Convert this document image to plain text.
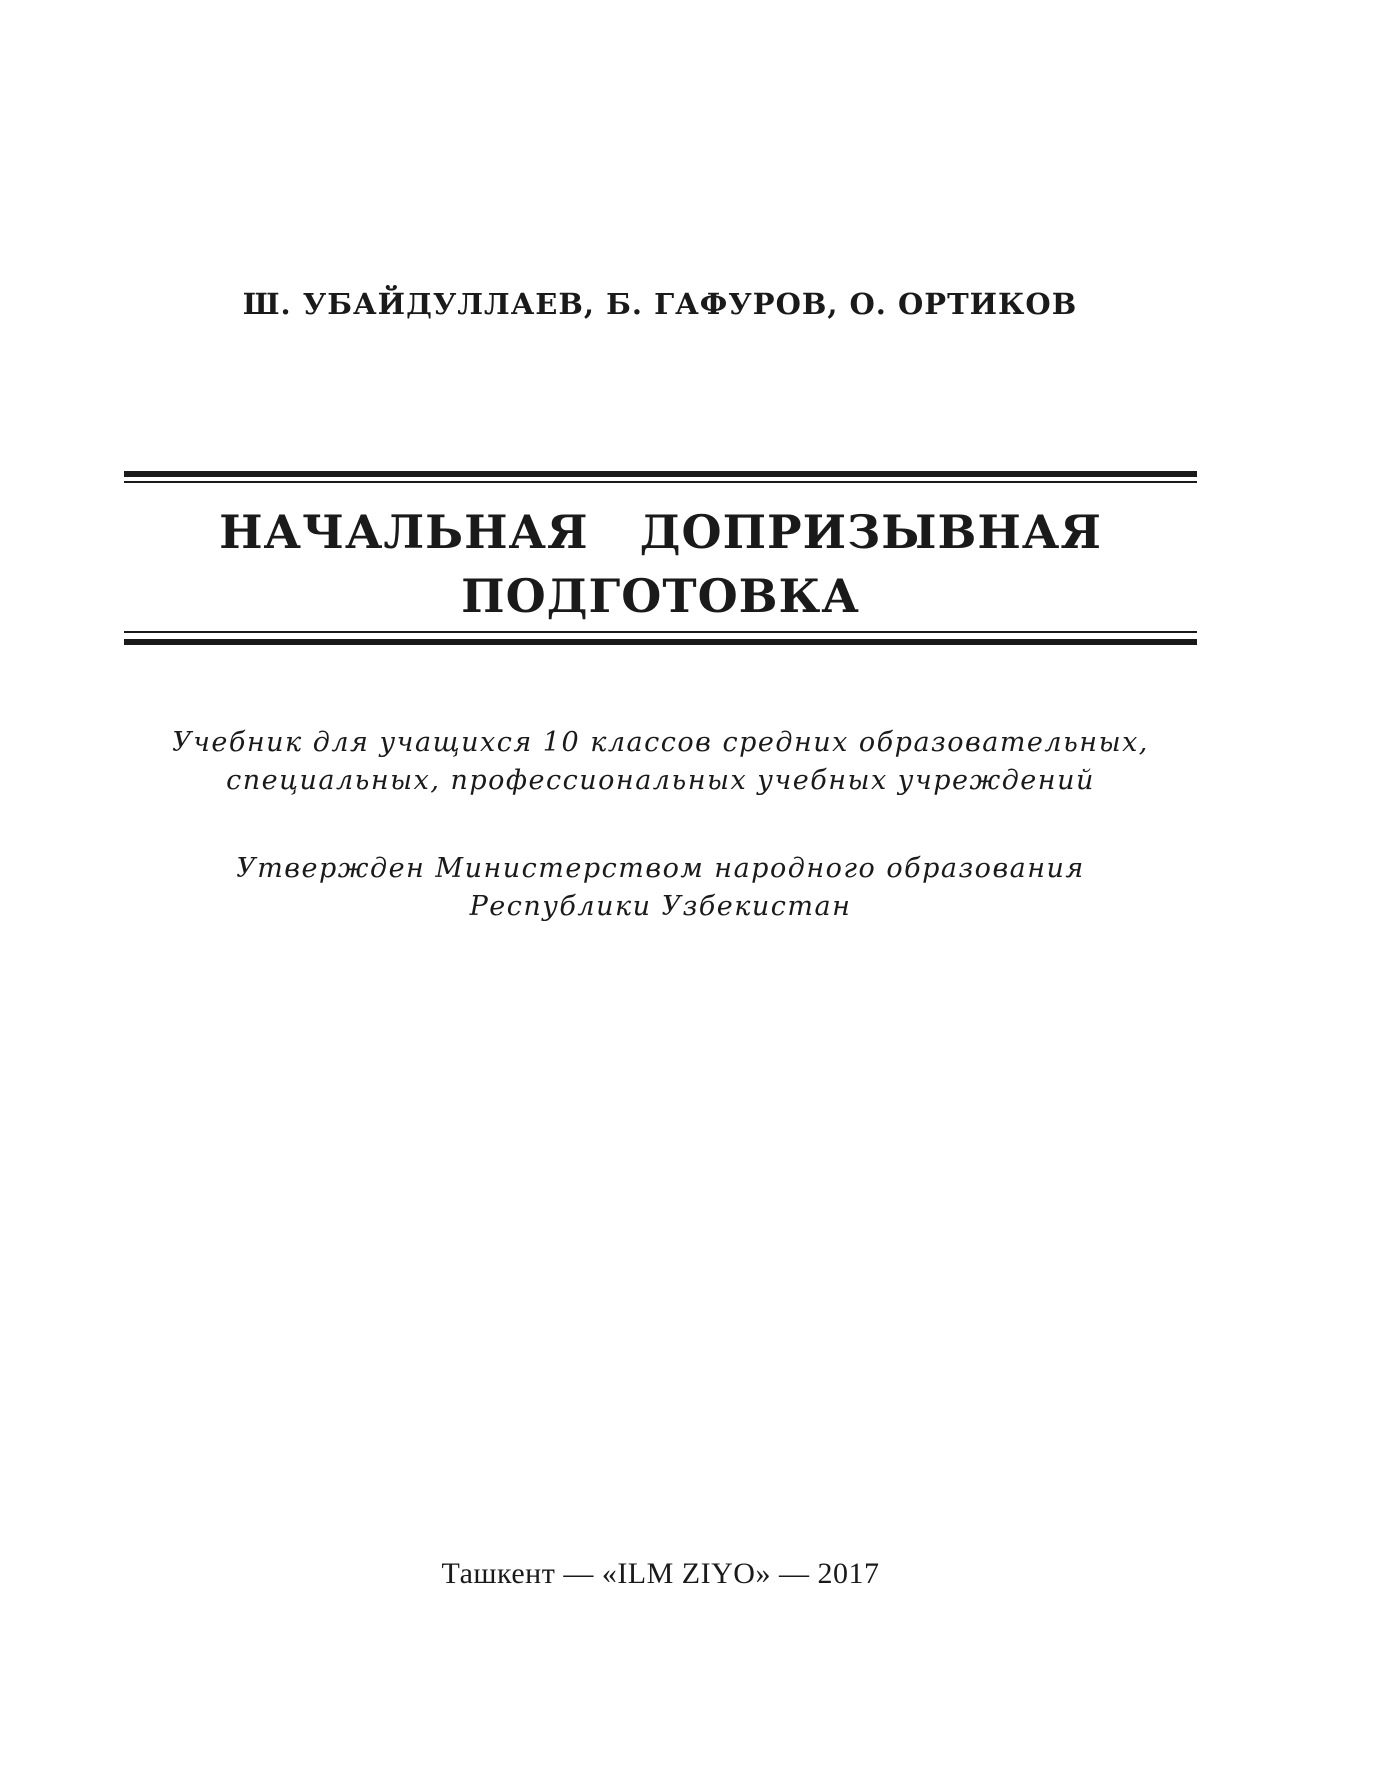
Ш. УБАЙДУЛЛАЕВ, Б. ГАФУРОВ, О. ОРТИКОВ
НАЧАЛЬНАЯ   ДОПРИЗЫВНАЯ
ПОДГОТОВКА
Учебник для учащихся 10 классов средних образовательных,
специальных, профессиональных учебных учреждений
Утвержден Министерством народного образования
Республики Узбекистан
Ташкент — «ILM ZIYO» — 2017
